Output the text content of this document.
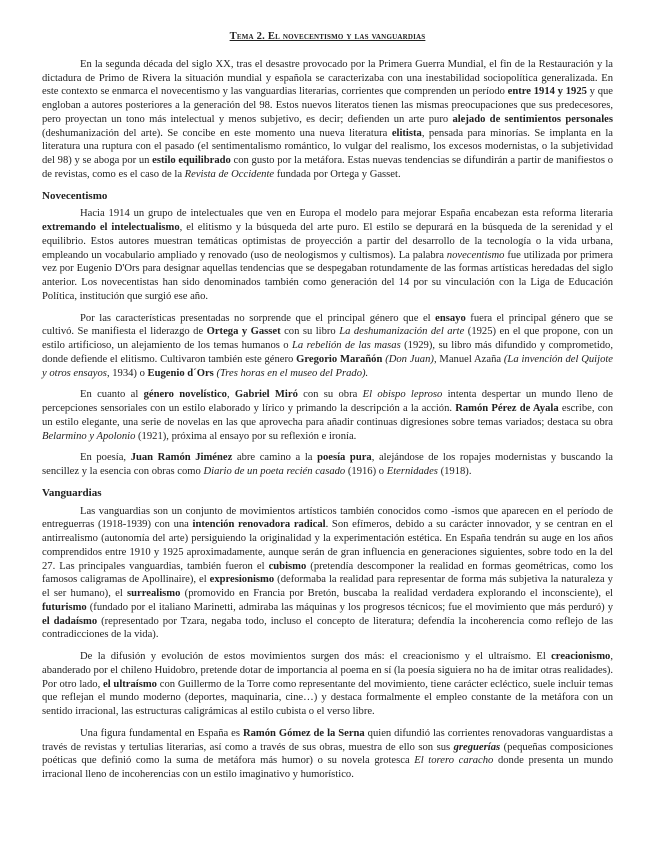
Tema 2. El novecentismo y las vanguardias

En la segunda década del siglo XX, tras el desastre provocado por la Primera Guerra Mundial, el fin de la Restauración y la dictadura de Primo de Rivera la situación mundial y española se caracterizaba con una inestabilidad sociopolítica generalizada. En este contexto se enmarca el novecentismo y las vanguardias literarias, corrientes que comprenden un período entre 1914 y 1925 y que engloban a autores posteriores a la generación del 98. Estos nuevos literatos tienen las mismas preocupaciones que sus predecesores, pero proyectan un tono más intelectual y menos subjetivo, es decir; defienden un arte puro alejado de sentimientos personales (deshumanización del arte). Se concibe en este momento una nueva literatura elitista, pensada para minorías. Se implanta en la literatura una ruptura con el pasado (el sentimentalismo romántico, lo vulgar del realismo, los excesos modernistas, o la subjetividad del 98) y se aboga por un estilo equilibrado con gusto por la metáfora. Estas nuevas tendencias se difundirán a partir de manifiestos o de revistas, como es el caso de la Revista de Occidente fundada por Ortega y Gasset.

Novecentismo

Hacia 1914 un grupo de intelectuales que ven en Europa el modelo para mejorar España encabezan esta reforma literaria extremando el intelectualismo, el elitismo y la búsqueda del arte puro. El estilo se depurará en la búsqueda de la serenidad y el equilibrio. Estos autores muestran temáticas optimistas de proyección a partir del desarrollo de la tecnología o la vida urbana, empleando un vocabulario ampliado y renovado (uso de neologismos y cultismos). La palabra novecentismo fue utilizada por primera vez por Eugenio D'Ors para designar aquellas tendencias que se despegaban rotundamente de las formas artísticas heredadas del siglo anterior. Los novecentistas han sido denominados también como generación del 14 por su vinculación con la Liga de Educación Política, institución que surgió ese año.

Por las características presentadas no sorprende que el principal género que el ensayo fuera el principal género que se cultivó. Se manifiesta el liderazgo de Ortega y Gasset con su libro La deshumanización del arte (1925) en el que propone, con un estilo artificioso, un alejamiento de los temas humanos o La rebelión de las masas (1929), su libro más difundido y comprometido, donde defiende el elitismo. Cultivaron también este género Gregorio Marañón (Don Juan), Manuel Azaña (La invención del Quijote y otros ensayos, 1934) o Eugenio d´Ors (Tres horas en el museo del Prado).

En cuanto al género novelístico, Gabriel Miró con su obra El obispo leproso intenta despertar un mundo lleno de percepciones sensoriales con un estilo elaborado y lírico y primando la descripción a la acción. Ramón Pérez de Ayala escribe, con un estilo elegante, una serie de novelas en las que aprovecha para añadir continuas digresiones sobre temas variados; destaca su obra Belarmino y Apolonio (1921), próxima al ensayo por su reflexión e ironía.

En poesía, Juan Ramón Jiménez abre camino a la poesía pura, alejándose de los ropajes modernistas y buscando la sencillez y la esencia con obras como Diario de un poeta recién casado (1916) o Eternidades (1918).

Vanguardias

Las vanguardias son un conjunto de movimientos artísticos también conocidos como -ismos que aparecen en el período de entreguerras (1918-1939) con una intención renovadora radical. Son efímeros, debido a su carácter innovador, y se centran en el antirrealismo (autonomía del arte) persiguiendo la originalidad y la experimentación estética. En España tendrán su auge en los años comprendidos entre 1910 y 1925 aproximadamente, aunque serán de gran influencia en generaciones siguientes, sobre todo en la del 27. Las principales vanguardias, también fueron el cubismo (pretendía descomponer la realidad en formas geométricas, como los famosos caligramas de Apollinaire), el expresionismo (deformaba la realidad para representar de forma más subjetiva la naturaleza y el ser humano), el surrealismo (promovido en Francia por Bretón, buscaba la realidad verdadera explorando el inconsciente), el futurismo (fundado por el italiano Marinetti, admiraba las máquinas y los progresos técnicos; fue el movimiento que más perduró) y el dadaísmo (representado por Tzara, negaba todo, incluso el concepto de literatura; defendía la incoherencia como reflejo de las contradicciones de la vida).

De la difusión y evolución de estos movimientos surgen dos más: el creacionismo y el ultraísmo. El creacionismo, abanderado por el chileno Huidobro, pretende dotar de importancia al poema en sí (la poesía siguiera no ha de imitar otras realidades). Por otro lado, el ultraísmo con Guillermo de la Torre como representante del movimiento, tiene carácter ecléctico, suele incluir temas que reflejan el mundo moderno (deportes, maquinaria, cine…) y destaca formalmente el empleo constante de la metáfora con un sentido irracional, las estructuras caligrámicas al estilo cubista o el verso libre.

Una figura fundamental en España es Ramón Gómez de la Serna quien difundió las corrientes renovadoras vanguardistas a través de revistas y tertulias literarias, así como a través de sus obras, muestra de ello son sus greguerías (pequeñas composiciones poéticas que definió como la suma de metáfora más humor) o su novela grotesca El torero caracho donde presenta un mundo irracional lleno de incoherencias con un estilo imaginativo y humorístico.
